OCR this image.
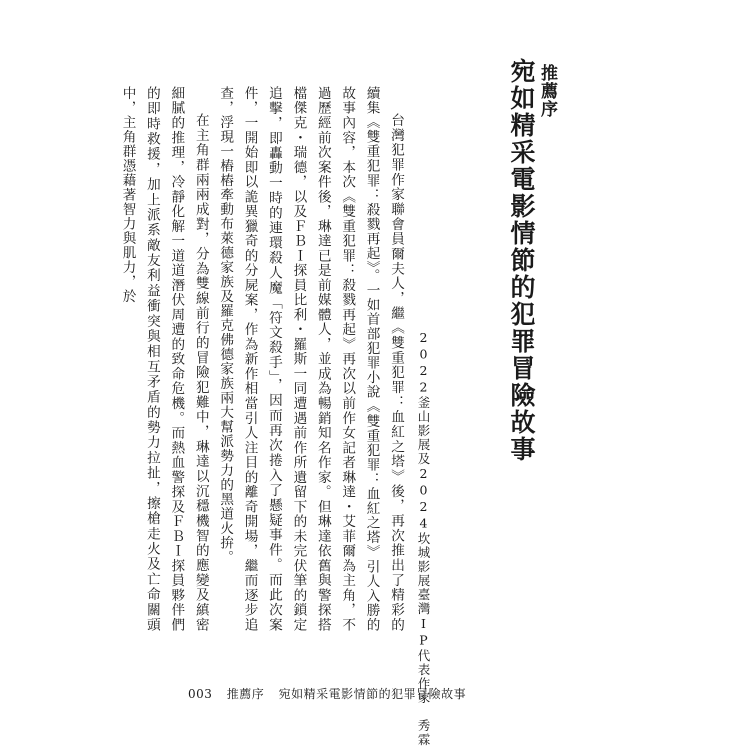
推薦序
宛如精采電影情節的犯罪冒險故事
2022釜山影展及2024坎城影展臺灣IP代表作家　秀霖

台灣犯罪作家聯會員爾夫人，繼《雙重犯罪：血紅之塔》後，再次推出了精彩的續集《雙重犯罪：殺戮再起》。一如首部犯罪小說《雙重犯罪：血紅之塔》引人入勝的故事內容，本次《雙重犯罪：殺戮再起》再次以前作女記者琳達・艾菲爾為主角，不過歷經前次案件後，琳達已是前媒體人，並成為暢銷知名作家。但琳達依舊與警探搭檔傑克・瑞德，以及ＦＢＩ探員比利・羅斯一同遭遇前作所遺留下的未完伏筆的鎖定追擊，即轟動一時的連環殺人魔「符文殺手」，因而再次捲入了懸疑事件。而此次案件，一開始即以詭異獵奇的分屍案，作為新作相當引人注目的離奇開場，繼而逐步追查，浮現一樁樁牽動布萊德家族及羅克佛德家族兩大幫派勢力的黑道火拚。

在主角群兩兩成對，分為雙線前行的冒險犯難中，琳達以沉穩機智的應變及縝密細膩的推理，冷靜化解一道道潛伏周遭的致命危機。而熱血警探及ＦＢＩ探員夥伴們的即時救援，加上派系敵友利益衝突與相互矛盾的勢力拉扯，擦槍走火及亡命關頭中，主角群憑藉著智力與肌力，於

003 推薦序 宛如精采電影情節的犯罪冒險故事
